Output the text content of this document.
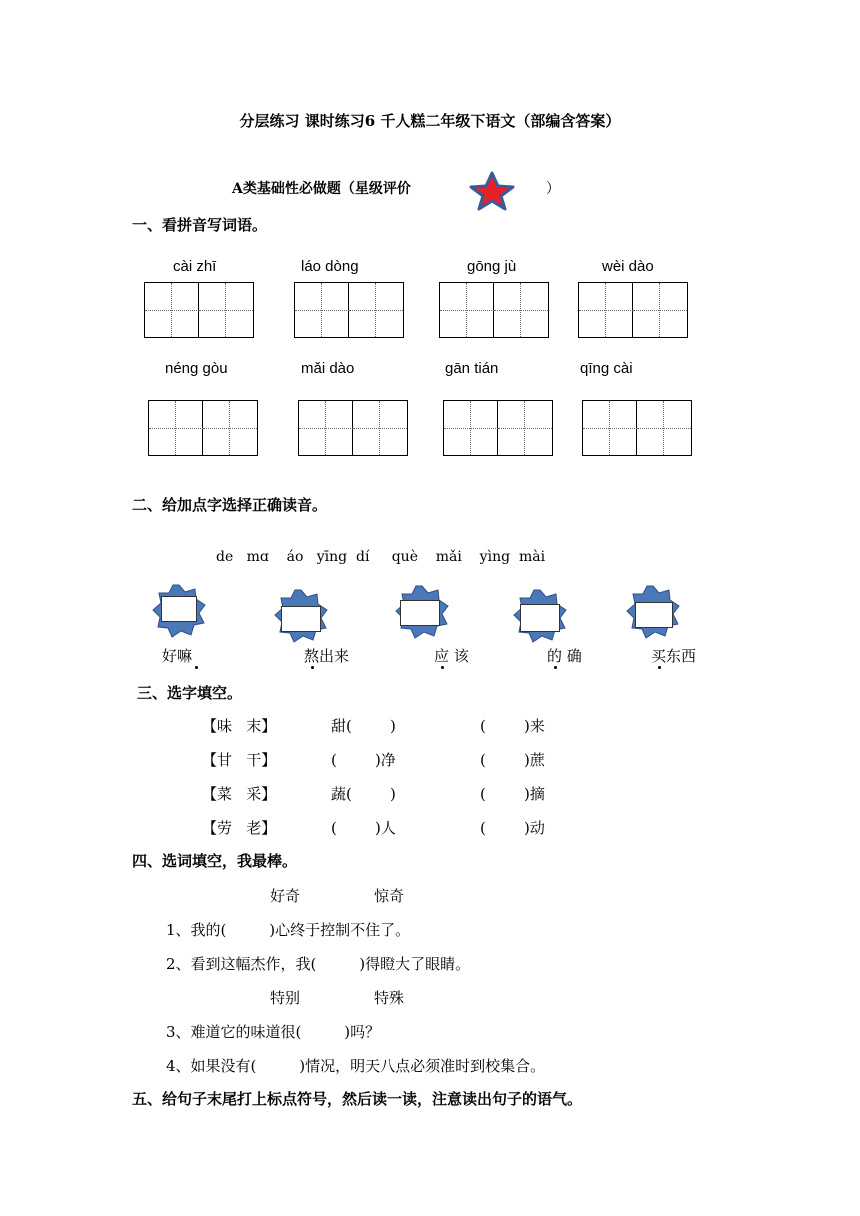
分层练习 课时练习6 千人糕二年级下语文（部编含答案）
A类基础性必做题（星级评价	）
一、看拼音写词语。
cài zhī	láo dòng	gōng jù	wèi dào
néng gòu	mǎi dào	gān tián	qīng cài
二、给加点字选择正确读音。
de   mɑ    áo   yīng  dí     què    mǎi    yìng  mài
好嘛	熬出来	应 该	的 确	买东西
三、选字填空。
【味   末】	甜(        )	(        )来
【甘   干】	(        )净	(        )蔗
【菜   采】	蔬(        )	(        )摘
【劳   老】	(        )人	(        )动
四、选词填空，我最棒。
好奇	惊奇
1、我的(         )心终于控制不住了。
2、看到这幅杰作，我(         )得瞪大了眼睛。
特别	特殊
3、难道它的味道很(         )吗？
4、如果没有(         )情况，明天八点必须准时到校集合。
五、给句子末尾打上标点符号，然后读一读，注意读出句子的语气。
